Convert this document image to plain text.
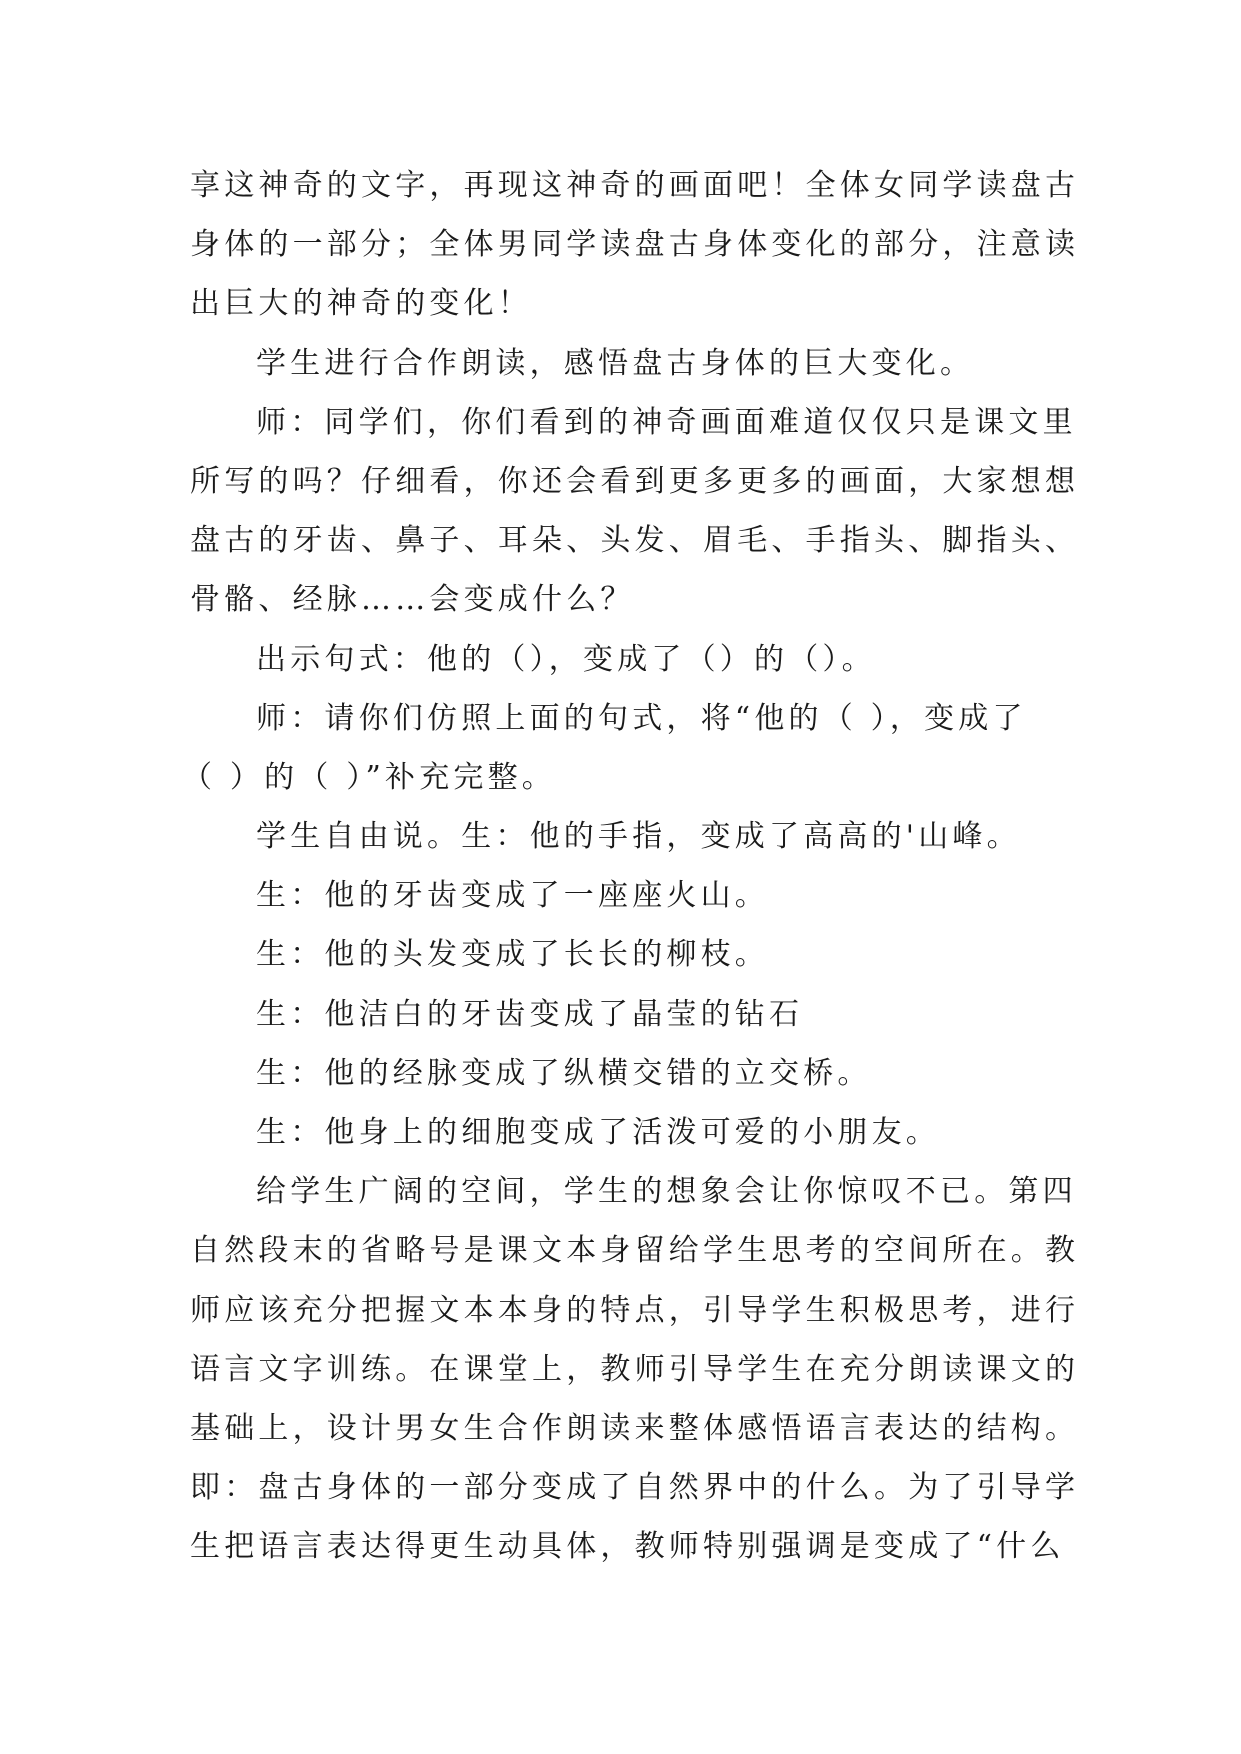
享这神奇的文字，再现这神奇的画面吧！全体女同学读盘古
身体的一部分；全体男同学读盘古身体变化的部分，注意读
出巨大的神奇的变化！
学生进行合作朗读，感悟盘古身体的巨大变化。
师：同学们，你们看到的神奇画面难道仅仅只是课文里
所写的吗？仔细看，你还会看到更多更多的画面，大家想想
盘古的牙齿、鼻子、耳朵、头发、眉毛、手指头、脚指头、
骨骼、经脉……会变成什么？
出示句式：他的（），变成了（）的（）。
师：请你们仿照上面的句式，将“他的（ ），变成了
（ ）的（ ）”补充完整。
学生自由说。生：他的手指，变成了高高的'山峰。
生：他的牙齿变成了一座座火山。
生：他的头发变成了长长的柳枝。
生：他洁白的牙齿变成了晶莹的钻石
生：他的经脉变成了纵横交错的立交桥。
生：他身上的细胞变成了活泼可爱的小朋友。
给学生广阔的空间，学生的想象会让你惊叹不已。第四
自然段末的省略号是课文本身留给学生思考的空间所在。教
师应该充分把握文本本身的特点，引导学生积极思考，进行
语言文字训练。在课堂上，教师引导学生在充分朗读课文的
基础上，设计男女生合作朗读来整体感悟语言表达的结构。
即：盘古身体的一部分变成了自然界中的什么。为了引导学
生把语言表达得更生动具体，教师特别强调是变成了“什么
